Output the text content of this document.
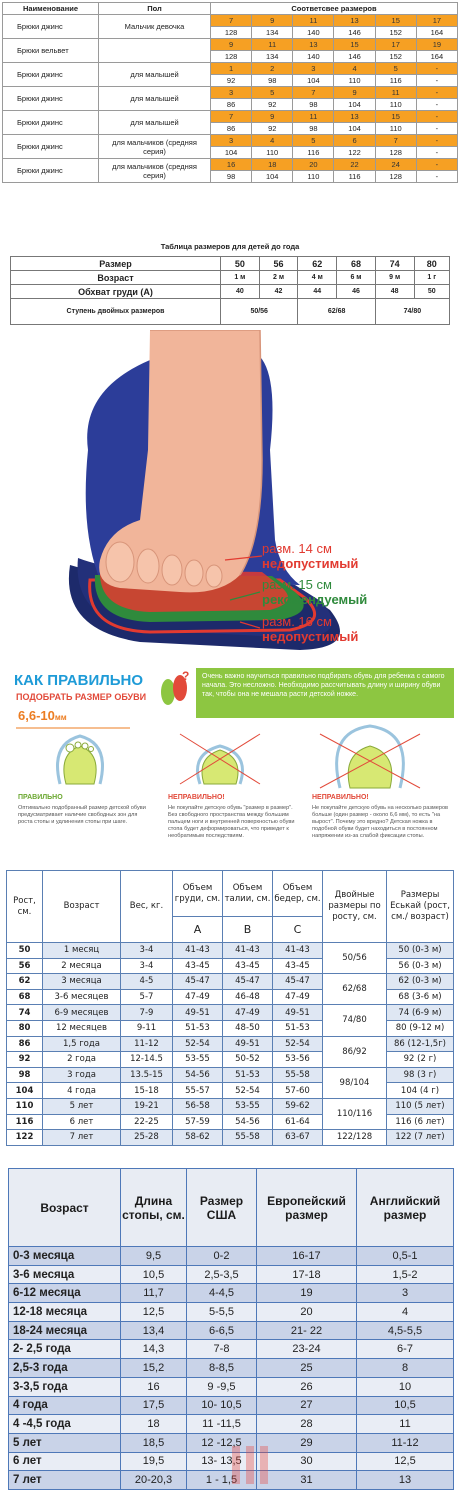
Наименование	Пол	Соответсвее размеров					
Брюки джинс	Мальчик девочка	7	9	11	13	15	17
		128	134	140	146	152	164
Брюки вельвет		9	11	13	15	17	19
		128	134	140	146	152	164
Брюки джинс	для малышей	1	2	3	4	5	-
		92	98	104	110	116	-
Брюки джинс	для малышей	3	5	7	9	11	-
		86	92	98	104	110	-
Брюки джинс	для малышей	7	9	11	13	15	-
		86	92	98	104	110	-
Брюки джинс	для мальчиков (средняя серия)	3	4	5	6	7	-
		104	110	116	122	128	-
Брюки джинс	для мальчиков (средняя серия)	16	18	20	22	24	-
		98	104	110	116	128	-
Таблица размеров для детей до года
Размер	50	56	62	68	74	80
Возраст	1 м	2 м	4 м	6 м	9 м	1 г
Обхват груди (А)	40	42	44	46	48	50
Ступень двойных размеров	50/56		62/68		74/80	
разм. 14 см
недопустимый
разм. 15 см
рекомендуемый
разм. 16 см
недопустимый
КАК ПРАВИЛЬНО
ПОДОБРАТЬ РАЗМЕР ОБУВИ
?	Очень важно научиться правильно подбирать обувь для ребенка с самого начала. Это несложно. Необходимо рассчитывать длину и ширину обуви так, чтобы она не мешала расти детской ножке.
6,6-10мм
ПРАВИЛЬНО
Оптимально подобранный размер детской обуви предусматривает наличие свободных зон для роста стопы и удлинения стопы при шаге.
НЕПРАВИЛЬНО!
Не покупайте детскую обувь "размер в размер". Без свободного пространства между большим пальцем ноги и внутренней поверхностью обуви стопа будет деформироваться, что приведет к необратимым последствиям.
НЕПРАВИЛЬНО!
Не покупайте детскую обувь на несколько размеров больше (один размер - около 6,6 мм), то есть "на вырост". Почему это вредно? Детская ножка в подобной обуви будет находиться в постоянном напряжении из-за слабой фиксации стопы.
Рост, см.	Возраст	Вес, кг.	Объем груди, см.	Объем талии, см.	Объем бедер, см.	Двойные размеры по росту, см.	Размеры Еськай (рост, см./ возраст)
			A	B	C		
50	1 месяц	3-4	41-43	41-43	41-43	50/56	50 (0-3 м)
56	2 месяца	3-4	43-45	43-45	43-45		56 (0-3 м)
62	3 месяца	4-5	45-47	45-47	45-47	62/68	62 (0-3 м)
68	3-6 месяцев	5-7	47-49	46-48	47-49		68 (3-6 м)
74	6-9 месяцев	7-9	49-51	47-49	49-51	74/80	74 (6-9 м)
80	12 месяцев	9-11	51-53	48-50	51-53		80 (9-12 м)
86	1,5 года	11-12	52-54	49-51	52-54	86/92	86 (12-1,5г)
92	2 года	12-14.5	53-55	50-52	53-56		92 (2 г)
98	3 года	13.5-15	54-56	51-53	55-58	98/104	98 (3 г)
104	4 года	15-18	55-57	52-54	57-60		104 (4 г)
110	5 лет	19-21	56-58	53-55	59-62	110/116	110 (5 лет)
116	6 лет	22-25	57-59	54-56	61-64		116 (6 лет)
122	7 лет	25-28	58-62	55-58	63-67	122/128	122 (7 лет)
Возраст	Длина стопы, см.	Размер США	Европейский размер	Английский размер
0-3 месяца	9,5	0-2	16-17	0,5-1
3-6 месяца	10,5	2,5-3,5	17-18	1,5-2
6-12 месяца	11,7	4-4,5	19	3
12-18 месяца	12,5	5-5,5	20	4
18-24 месяца	13,4	6-6,5	21- 22	4,5-5,5
2- 2,5 года	14,3	7-8	23-24	6-7
2,5-3 года	15,2	8-8,5	25	8
3-3,5 года	16	9 -9,5	26	10
4 года	17,5	10- 10,5	27	10,5
4 -4,5 года	18	11 -11,5	28	11
5 лет	18,5	12 -12,5	29	11-12
6 лет	19,5	13- 13,5	30	12,5
7 лет	20-20,3	1 - 1,5	31	13
